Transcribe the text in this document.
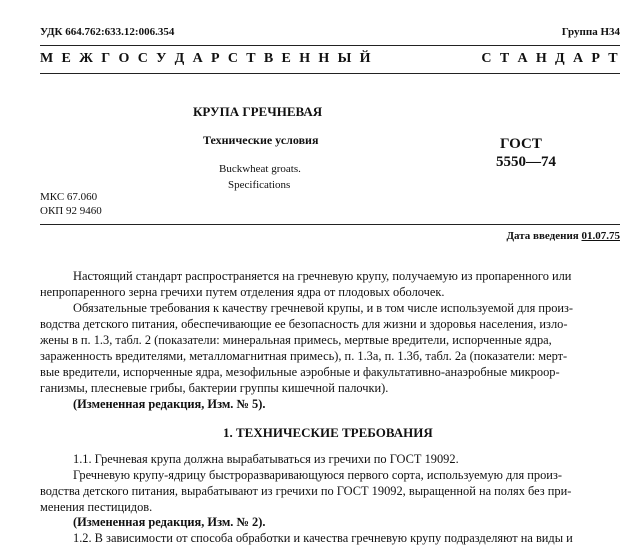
УДК 664.762:633.12:006.354	Группа Н34
М Е Ж Г О С У Д А Р С Т В Е Н Н Ы Й	С Т А Н Д А Р Т
КРУПА ГРЕЧНЕВАЯ
Технические условия
Buckwheat groats.
Specifications
ГОСТ
5550—74
МКС 67.060
ОКП 92 9460
Дата введения 01.07.75
Настоящий стандарт распространяется на гречневую крупу, получаемую из пропаренного или
непропаренного зерна гречихи путем отделения ядра от плодовых оболочек.
Обязательные требования к качеству гречневой крупы, и в том числе используемой для произ-
водства детского питания, обеспечивающие ее безопасность для жизни и здоровья населения, изло-
жены в п. 1.3, табл. 2 (показатели: минеральная примесь, мертвые вредители, испорченные ядра,
зараженность вредителями, металломагнитная примесь), п. 1.3а, п. 1.3б, табл. 2а (показатели: мерт-
вые вредители, испорченные ядра, мезофильные аэробные и факультативно-анаэробные микроор-
ганизмы, плесневые грибы, бактерии группы кишечной палочки).
(Измененная редакция, Изм. № 5).
1. ТЕХНИЧЕСКИЕ ТРЕБОВАНИЯ
1.1. Гречневая крупа должна вырабатываться из гречихи по ГОСТ 19092.
Гречневую крупу-ядрицу быстроразваривающуюся первого сорта, используемую для произ-
водства детского питания, вырабатывают из гречихи по ГОСТ 19092, выращенной на полях без при-
менения пестицидов.
(Измененная редакция, Изм. № 2).
1.2. В зависимости от способа обработки и качества гречневую крупу подразделяют на виды и
